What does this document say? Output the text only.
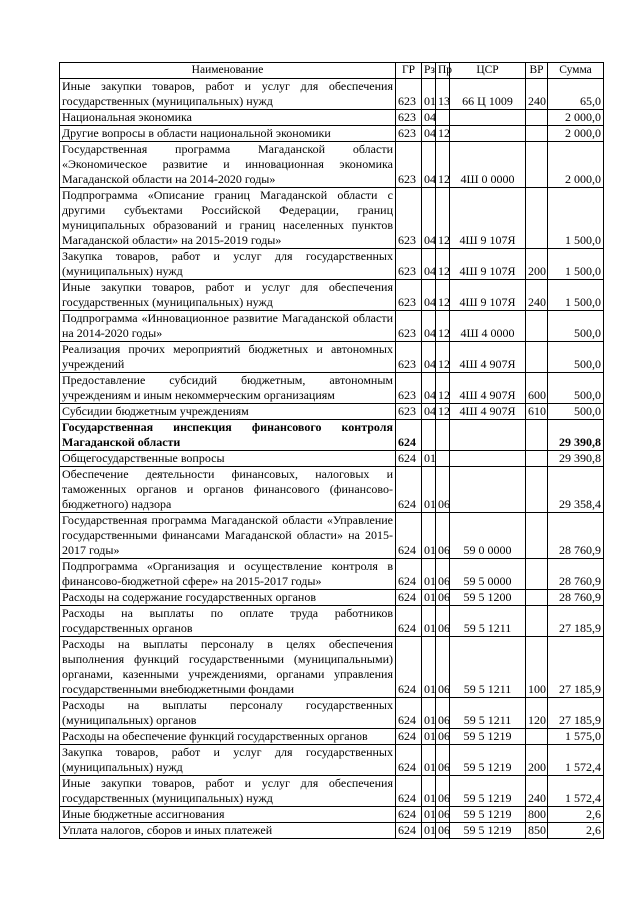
Наименование	ГР	Рз	Пр	ЦСР	ВР	Сумма
Иные закупки товаров, работ и услуг для обеспечения государственных (муниципальных) нужд	623	01	13	66 Ц 1009	240	65,0
Национальная экономика	623	04				2 000,0
Другие вопросы в области национальной экономики	623	04	12			2 000,0
Государственная программа Магаданской области «Экономическое развитие и инновационная экономика Магаданской области на 2014-2020 годы»	623	04	12	4Ш 0 0000		2 000,0
Подпрограмма «Описание границ Магаданской области с другими субъектами Российской Федерации, границ муниципальных образований и границ населенных пунктов Магаданской области» на 2015-2019 годы»	623	04	12	4Ш 9 107Я		1 500,0
Закупка товаров, работ и услуг для государственных (муниципальных) нужд	623	04	12	4Ш 9 107Я	200	1 500,0
Иные закупки товаров, работ и услуг для обеспечения государственных (муниципальных) нужд	623	04	12	4Ш 9 107Я	240	1 500,0
Подпрограмма «Инновационное развитие Магаданской области на 2014-2020 годы»	623	04	12	4Ш 4 0000		500,0
Реализация прочих мероприятий бюджетных и автономных учреждений	623	04	12	4Ш 4 907Я		500,0
Предоставление субсидий бюджетным, автономным учреждениям и иным некоммерческим организациям	623	04	12	4Ш 4 907Я	600	500,0
Субсидии бюджетным учреждениям	623	04	12	4Ш 4 907Я	610	500,0
Государственная инспекция финансового контроля Магаданской области	624					29 390,8
Общегосударственные вопросы	624	01				29 390,8
Обеспечение деятельности финансовых, налоговых и таможенных органов и органов финансового (финансово-бюджетного) надзора	624	01	06			29 358,4
Государственная программа Магаданской области «Управление государственными финансами Магаданской области» на 2015-2017 годы»	624	01	06	59 0 0000		28 760,9
Подпрограмма «Организация и осуществление контроля в финансово-бюджетной сфере» на 2015-2017 годы»	624	01	06	59 5 0000		28 760,9
Расходы на содержание государственных органов	624	01	06	59 5 1200		28 760,9
Расходы на выплаты по оплате труда работников государственных органов	624	01	06	59 5 1211		27 185,9
Расходы на выплаты персоналу в целях обеспечения выполнения функций государственными (муниципальными) органами, казенными учреждениями, органами управления государственными внебюджетными фондами	624	01	06	59 5 1211	100	27 185,9
Расходы на выплаты персоналу государственных (муниципальных) органов	624	01	06	59 5 1211	120	27 185,9
Расходы на обеспечение функций государственных органов	624	01	06	59 5 1219		1 575,0
Закупка товаров, работ и услуг для государственных (муниципальных) нужд	624	01	06	59 5 1219	200	1 572,4
Иные закупки товаров, работ и услуг для обеспечения государственных (муниципальных) нужд	624	01	06	59 5 1219	240	1 572,4
Иные бюджетные ассигнования	624	01	06	59 5 1219	800	2,6
Уплата налогов, сборов и иных платежей	624	01	06	59 5 1219	850	2,6
